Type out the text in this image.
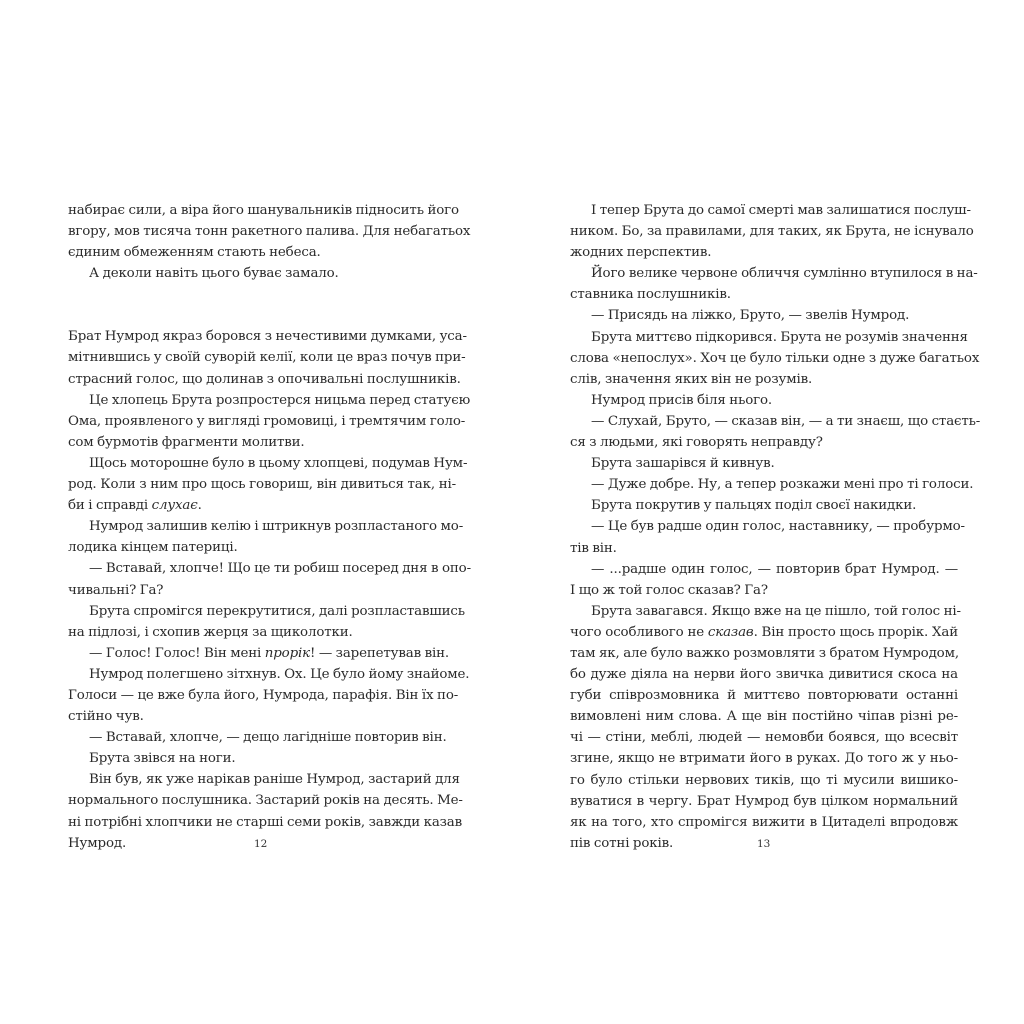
набирає сили, а віра його шанувальників підносить його
вгору, мов тисяча тонн ракетного палива. Для небагатьох
єдиним обмеженням стають небеса.
А деколи навіть цього буває замало.
Брат Нумрод якраз боровся з нечестивими думками, уса-
мітнившись у своїй суворій келії, коли це враз почув при-
страсний голос, що долинав з опочивальні послушників.
Це хлопець Брута розпростерся ницьма перед статуєю
Ома, проявленого у вигляді громовиці, і тремтячим голо-
сом бурмотів фрагменти молитви.
Щось моторошне було в цьому хлопцеві, подумав Нум-
род. Коли з ним про щось говориш, він дивиться так, ні-
би і справді слухає.
Нумрод залишив келію і штрикнув розпластаного мо-
лодика кінцем патериці.
— Вставай, хлопче! Що це ти робиш посеред дня в опо-
чивальні? Га?
Брута спромігся перекрутитися, далі розпластавшись
на підлозі, і схопив жерця за щиколотки.
— Голос! Голос! Він мені прорік! — зарепетував він.
Нумрод полегшено зітхнув. Ох. Це було йому знайоме.
Голоси — це вже була його, Нумрода, парафія. Він їх по-
стійно чув.
— Вставай, хлопче, — дещо лагідніше повторив він.
Брута звівся на ноги.
Він був, як уже нарікав раніше Нумрод, застарий для
нормального послушника. Застарий років на десять. Ме-
ні потрібні хлопчики не старші семи років, завжди казав
Нумрод.	12
І тепер Брута до самої смерті мав залишатися послуш-
ником. Бо, за правилами, для таких, як Брута, не існувало
жодних перспектив.
Його велике червоне обличчя сумлінно втупилося в на-
ставника послушників.
— Присядь на ліжко, Бруто, — звелів Нумрод.
Брута миттєво підкорився. Брута не розумів значення
слова «непослух». Хоч це було тільки одне з дуже багатьох
слів, значення яких він не розумів.
Нумрод присів біля нього.
— Слухай, Бруто, — сказав він, — а ти знаєш, що стаєть-
ся з людьми, які говорять неправду?
Брута зашарівся й кивнув.
— Дуже добре. Ну, а тепер розкажи мені про ті голоси.
Брута покрутив у пальцях поділ своєї накидки.
— Це був радше один голос, наставнику, — пробурмо-
тів він.
— ...радше один голос, — повторив брат Нумрод. —
І що ж той голос сказав? Га?
Брута завагався. Якщо вже на це пішло, той голос ні-
чого особливого не сказав. Він просто щось прорік. Хай
там як, але було важко розмовляти з братом Нумродом,
бо дуже діяла на нерви його звичка дивитися скоса на
губи співрозмовника й миттєво повторювати останні
вимовлені ним слова. А ще він постійно чіпав різні ре-
чі — стіни, меблі, людей — немовби боявся, що всесвіт
згине, якщо не втримати його в руках. До того ж у ньо-
го було стільки нервових тиків, що ті мусили вишико-
вуватися в чергу. Брат Нумрод був цілком нормальний
як на того, хто спромігся вижити в Цитаделі впродовж
пів сотні років.	13
